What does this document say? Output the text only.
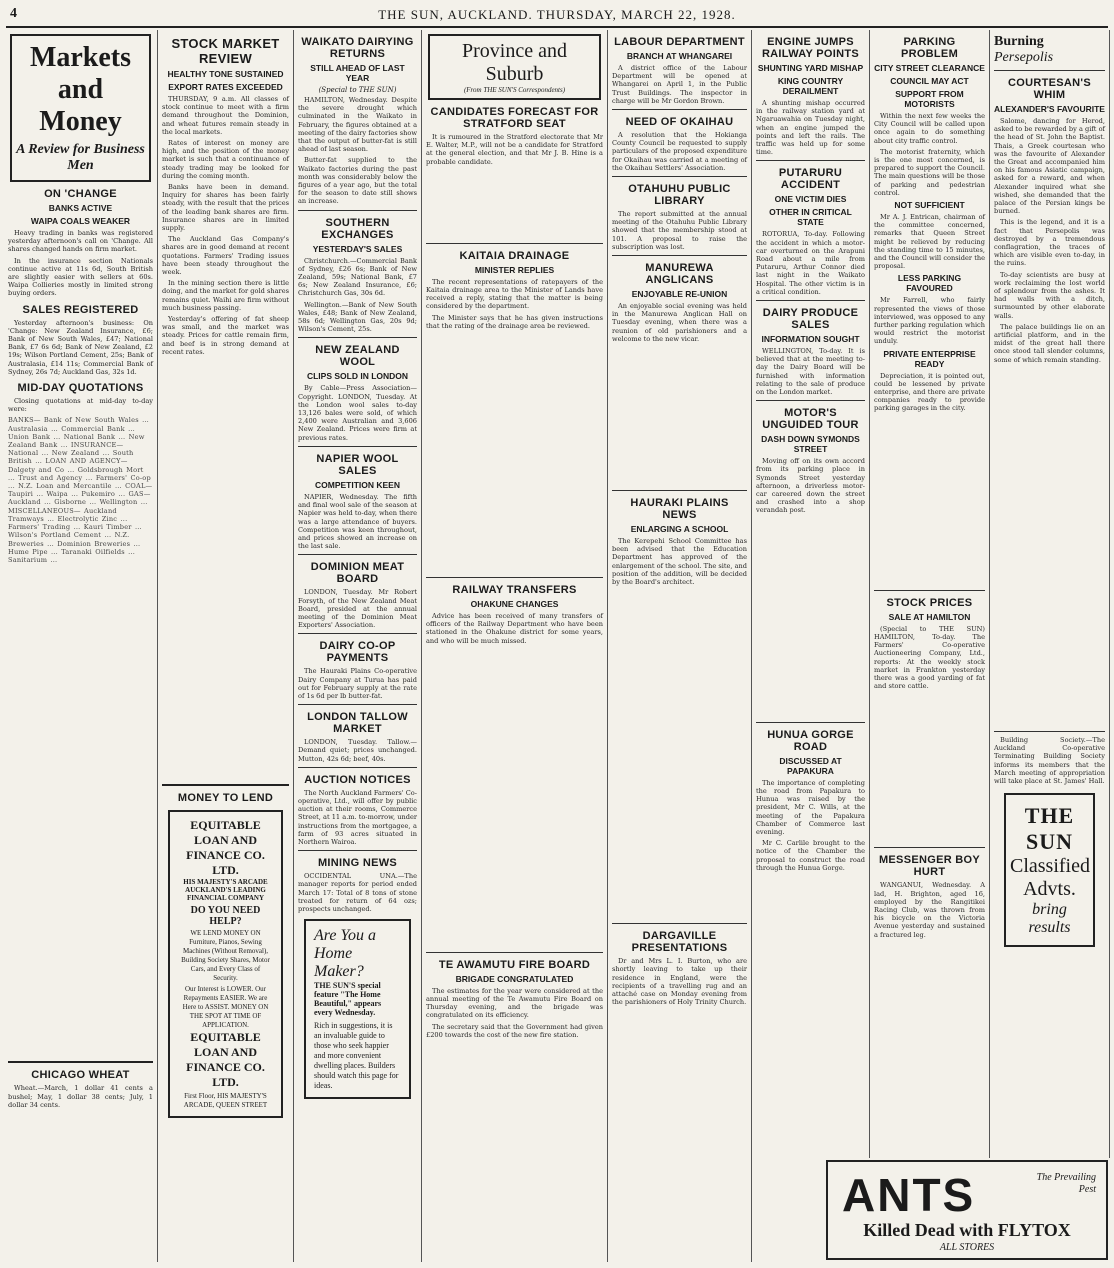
4	THE SUN, AUCKLAND. THURSDAY, MARCH 22, 1928.
Markets and Money
A Review for Business Men
ON 'CHANGE
BANKS ACTIVE
WAIPA COALS WEAKER

Heavy trading in banks was registered yesterday afternoon's call on 'Change. All shares changed hands on firm market.

In the insurance section Nationals continue active at 11s 6d, South British are slightly easier with sellers at 60s. Waipa Collieries mostly in limited strong buying orders.

SALES REGISTERED

Yesterday afternoon's business: On 'Change: New Zealand Insurance, £6; Bank of New South Wales, £47; National Bank, £7 6s 6d; Bank of New Zealand, £2 19s; Wilson Portland Cement, 25s; Bank of Australasia, £14 11s; Commercial Bank of Sydney, 26s 7d; Auckland Gas, 32s 1d.

MID-DAY QUOTATIONS

Closing quotations at mid-day to-day were:

BANKS— Bank of New South Wales ... Australasia ... Commercial Bank ... Union Bank ... National Bank ... New Zealand Bank ... INSURANCE— National ... New Zealand ... South British ... LOAN AND AGENCY— Dalgety and Co ... Goldsbrough Mort ... Trust and Agency ... Farmers' Co-op ... N.Z. Loan and Mercantile ... COAL— Taupiri ... Waipa ... Pukemiro ... GAS— Auckland ... Gisborne ... Wellington ... MISCELLANEOUS— Auckland Tramways ... Electrolytic Zinc ... Farmers' Trading ... Kauri Timber ... Wilson's Portland Cement ... N.Z. Breweries ... Dominion Breweries ... Hume Pipe ... Taranaki Oilfields ... Sanitarium ...
CHICAGO WHEAT

Wheat.—March, 1 dollar 41 cents a bushel; May, 1 dollar 38 cents; July, 1 dollar 34 cents.

STOCK MARKET REVIEW
HEALTHY TONE SUSTAINED
EXPORT RATES EXCEEDED

THURSDAY, 9 a.m. All classes of stock continue to meet with a firm demand throughout the Dominion, and wheat futures remain steady in the local markets.

Rates of interest on money are high, and the position of the money market is such that a continuance of steady trading may be looked for during the coming month.

Banks have been in demand. Inquiry for shares has been fairly steady, with the result that the prices of the leading bank shares are firm. Insurance shares are in limited supply.

The Auckland Gas Company's shares are in good demand at recent quotations. Farmers' Trading issues have been steady throughout the week.

In the mining section there is little doing, and the market for gold shares remains quiet. Waihi are firm without much business passing.

Yesterday's offering of fat sheep was small, and the market was steady. Prices for cattle remain firm, and beef is in strong demand at recent rates.

MONEY TO LEND
EQUITABLE LOAN AND FINANCE CO. LTD.
HIS MAJESTY'S ARCADE
AUCKLAND'S LEADING FINANCIAL COMPANY
DO YOU NEED HELP?
WE LEND MONEY ON Furniture, Pianos, Sewing Machines (Without Removal), Building Society Shares, Motor Cars, and Every Class of Security.
Our Interest is LOWER. Our Repayments EASIER. We are Here to ASSIST. MONEY ON THE SPOT AT TIME OF APPLICATION.
EQUITABLE LOAN AND FINANCE CO. LTD.
First Floor, HIS MAJESTY'S ARCADE, QUEEN STREET
WAIKATO DAIRYING RETURNS
STILL AHEAD OF LAST YEAR
(Special to THE SUN)

HAMILTON, Wednesday. Despite the severe drought which culminated in the Waikato in February, the figures obtained at a meeting of the dairy factories show that the output of butter-fat is still ahead of last season.

Butter-fat supplied to the Waikato factories during the past month was considerably below the figures of a year ago, but the total for the season to date still shows an increase.

SOUTHERN EXCHANGES
YESTERDAY'S SALES

Christchurch.—Commercial Bank of Sydney, £26 6s; Bank of New Zealand, 59s; National Bank, £7 6s; New Zealand Insurance, £6; Christchurch Gas, 30s 6d.

Wellington.—Bank of New South Wales, £48; Bank of New Zealand, 58s 6d; Wellington Gas, 20s 9d; Wilson's Cement, 25s.

NEW ZEALAND WOOL
CLIPS SOLD IN LONDON

By Cable—Press Association—Copyright. LONDON, Tuesday. At the London wool sales to-day 13,126 bales were sold, of which 2,400 were Australian and 3,606 New Zealand. Prices were firm at previous rates.

NAPIER WOOL SALES
COMPETITION KEEN

NAPIER, Wednesday. The fifth and final wool sale of the season at Napier was held to-day, when there was a large attendance of buyers. Competition was keen throughout, and prices showed an increase on the last sale.

DOMINION MEAT BOARD

LONDON, Tuesday. Mr Robert Forsyth, of the New Zealand Meat Board, presided at the annual meeting of the Dominion Meat Exporters' Association.

DAIRY CO-OP PAYMENTS

The Hauraki Plains Co-operative Dairy Company at Turua has paid out for February supply at the rate of 1s 6d per lb butter-fat.

LONDON TALLOW MARKET

LONDON, Tuesday. Tallow.—Demand quiet; prices unchanged. Mutton, 42s 6d; beef, 40s.

AUCTION NOTICES

The North Auckland Farmers' Co-operative, Ltd., will offer by public auction at their rooms, Commerce Street, at 11 a.m. to-morrow, under instructions from the mortgagee, a farm of 93 acres situated in Northern Wairoa.

MINING NEWS

OCCIDENTAL UNA.—The manager reports for period ended March 17: Total of 8 tons of stone treated for return of 64 ozs; prospects unchanged.

Are You a Home Maker?
THE SUN'S special feature "The Home Beautiful," appears every Wednesday.
Rich in suggestions, it is an invaluable guide to those who seek happier and more convenient dwelling places. Builders should watch this page for ideas.
Province and Suburb
(From THE SUN'S Correspondents)
CANDIDATES FORECAST FOR STRATFORD SEAT

It is rumoured in the Stratford electorate that Mr E. Walter, M.P., will not be a candidate for Stratford at the general election, and that Mr J. B. Hine is a probable candidate.

KAITAIA DRAINAGE
MINISTER REPLIES

The recent representations of ratepayers of the Kaitaia drainage area to the Minister of Lands have received a reply, stating that the matter is being considered by the department.

The Minister says that he has given instructions that the rating of the drainage area be reviewed.

RAILWAY TRANSFERS
OHAKUNE CHANGES

Advice has been received of many transfers of officers of the Railway Department who have been stationed in the Ohakune district for some years, and who will be much missed.

TE AWAMUTU FIRE BOARD
BRIGADE CONGRATULATED

The estimates for the year were considered at the annual meeting of the Te Awamutu Fire Board on Thursday evening, and the brigade was congratulated on its efficiency.

The secretary said that the Government had given £200 towards the cost of the new fire station.

LABOUR DEPARTMENT
BRANCH AT WHANGAREI

A district office of the Labour Department will be opened at Whangarei on April 1, in the Public Trust Buildings. The inspector in charge will be Mr Gordon Brown.

NEED OF OKAIHAU

A resolution that the Hokianga County Council be requested to supply particulars of the proposed expenditure for Okaihau was carried at a meeting of the Okaihau Settlers' Association.

OTAHUHU PUBLIC LIBRARY

The report submitted at the annual meeting of the Otahuhu Public Library showed that the membership stood at 101. A proposal to raise the subscription was lost.

MANUREWA ANGLICANS
ENJOYABLE RE-UNION

An enjoyable social evening was held in the Manurewa Anglican Hall on Tuesday evening, when there was a reunion of old parishioners and a welcome to the new vicar.

HAURAKI PLAINS NEWS
ENLARGING A SCHOOL

The Kerepehi School Committee has been advised that the Education Department has approved of the enlargement of the school. The site, and position of the addition, will be decided by the Board's architect.

DARGAVILLE PRESENTATIONS

Dr and Mrs L. I. Burton, who are shortly leaving to take up their residence in England, were the recipients of a travelling rug and an attaché case on Monday evening from the parishioners of Holy Trinity Church.

ENGINE JUMPS RAILWAY POINTS
SHUNTING YARD MISHAP
KING COUNTRY DERAILMENT

A shunting mishap occurred in the railway station yard at Ngaruawahia on Tuesday night, when an engine jumped the points and left the rails. The traffic was held up for some time.

PUTARURU ACCIDENT
ONE VICTIM DIES
OTHER IN CRITICAL STATE

ROTORUA, To-day. Following the accident in which a motor-car overturned on the Arapuni Road about a mile from Putaruru, Arthur Connor died last night in the Waikato Hospital. The other victim is in a critical condition.

DAIRY PRODUCE SALES
INFORMATION SOUGHT

WELLINGTON, To-day. It is believed that at the meeting to-day the Dairy Board will be furnished with information relating to the sale of produce on the London market.

MOTOR'S UNGUIDED TOUR
DASH DOWN SYMONDS STREET

Moving off on its own accord from its parking place in Symonds Street yesterday afternoon, a driverless motor-car careered down the street and crashed into a shop verandah post.

HUNUA GORGE ROAD
DISCUSSED AT PAPAKURA

The importance of completing the road from Papakura to Hunua was raised by the president, Mr C. Wills, at the meeting of the Papakura Chamber of Commerce last evening.

Mr C. Carlile brought to the notice of the Chamber the proposal to construct the road through the Hunua Gorge.

PARKING PROBLEM
CITY STREET CLEARANCE
COUNCIL MAY ACT
SUPPORT FROM MOTORISTS

Within the next few weeks the City Council will be called upon once again to do something about city traffic control.

The motorist fraternity, which is the one most concerned, is prepared to support the Council. The main questions will be those of parking and pedestrian control.

NOT SUFFICIENT

Mr A. J. Entrican, chairman of the committee concerned, remarks that Queen Street might be relieved by reducing the standing time to 15 minutes, and the Council will consider the proposal.

LESS PARKING FAVOURED

Mr Farrell, who fairly represented the views of those interviewed, was opposed to any further parking regulation which would restrict the motorist unduly.

PRIVATE ENTERPRISE READY

Depreciation, it is pointed out, could be lessened by private enterprise, and there are private companies ready to provide parking garages in the city.

STOCK PRICES
SALE AT HAMILTON

(Special to THE SUN) HAMILTON, To-day. The Farmers' Co-operative Auctioneering Company, Ltd., reports: At the weekly stock market in Frankton yesterday there was a good yarding of fat and store cattle.

MESSENGER BOY HURT

WANGANUI, Wednesday. A lad, H. Brighton, aged 16, employed by the Rangitikei Racing Club, was thrown from his bicycle on the Victoria Avenue yesterday and sustained a fractured leg.

Burning Persepolis
COURTESAN'S WHIM
ALEXANDER'S FAVOURITE

Salome, dancing for Herod, asked to be rewarded by a gift of the head of St. John the Baptist. Thais, a Greek courtesan who was the favourite of Alexander the Great and accompanied him on his famous Asiatic campaign, asked for a reward, and when Alexander inquired what she wished, she demanded that the palace of the Persian kings be burned.

This is the legend, and it is a fact that Persepolis was destroyed by a tremendous conflagration, the traces of which are visible even to-day, in the ruins.

To-day scientists are busy at work reclaiming the lost world of splendour from the ashes. It had walls with a ditch, surmounted by other elaborate walls.

The palace buildings lie on an artificial platform, and in the midst of the great hall there once stood tall slender columns, some of which remain standing.

Building Society.—The Auckland Co-operative Terminating Building Society informs its members that the March meeting of appropriation will take place at St. James' Hall.

THE SUN
Classified
Advts.
bring results
ANTS	The Prevailing Pest
Killed Dead with FLYTOX
ALL STORES
